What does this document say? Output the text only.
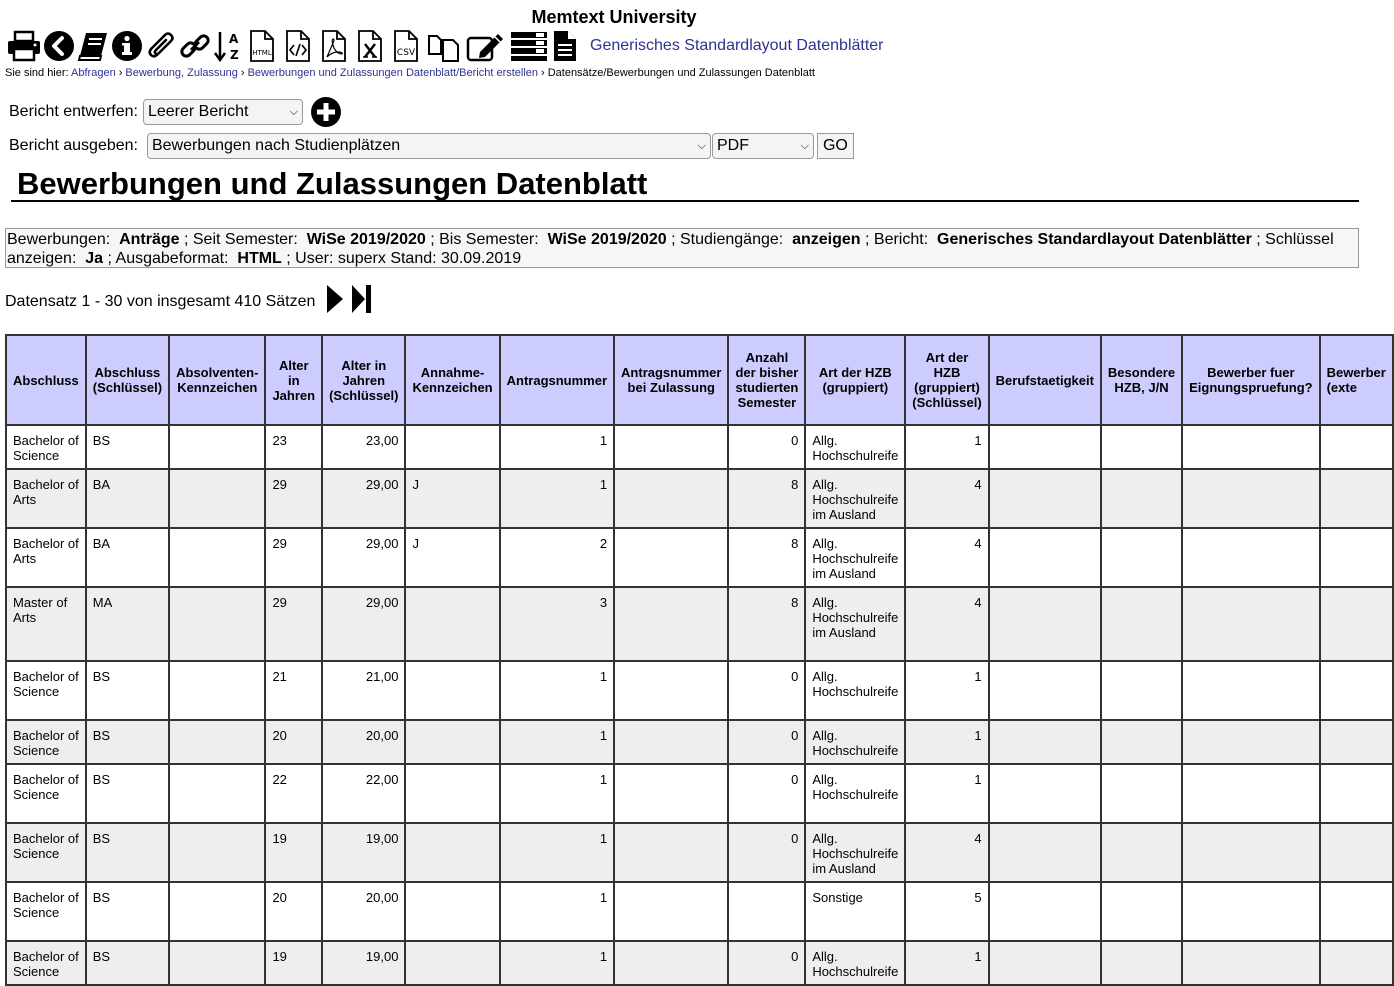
Memtext University
A
Z HTML	CSV	Generisches Standardlayout Datenblätter
Sie sind hier: Abfragen › Bewerbung, Zulassung › Bewerbungen und Zulassungen Datenblatt/Bericht erstellen › Datensätze/Bewerbungen und Zulassungen Datenblatt
Bericht entwerfen: Leerer Bericht	⌵
Bericht ausgeben: Bewerbungen nach Studienplätzen	⌵ PDF	⌵ GO
Bewerbungen und Zulassungen Datenblatt
Bewerbungen: Anträge ; Seit Semester: WiSe 2019/2020 ; Bis Semester: WiSe 2019/2020 ; Studiengänge: anzeigen ; Bericht: Generisches Standardlayout Datenblätter ; Schlüssel anzeigen: Ja ; Ausgabeformat: HTML ; User: superx Stand: 30.09.2019
Datensatz 1 - 30 von insgesamt 410 Sätzen
Abschluss	Abschluss (Schlüssel)	Absolventen-Kennzeichen	Alter in Jahren	Alter in Jahren (Schlüssel)	Annahme-Kennzeichen	Antragsnummer	Antragsnummer bei Zulassung	Anzahl der bisher studierten Semester	Art der HZB (gruppiert)	Art der HZB (gruppiert) (Schlüssel)	Berufstaetigkeit	Besondere HZB, J/N	Bewerber fuer Eignungspruefung?	Bewerber (exte
Bachelor of Science	BS		23	23,00		1		0	Allg. Hochschulreife	1				
Bachelor of Arts	BA		29	29,00	J	1		8	Allg. Hochschulreife im Ausland	4				
Bachelor of Arts	BA		29	29,00	J	2		8	Allg. Hochschulreife im Ausland	4				
Master of Arts	MA		29	29,00		3		8	Allg. Hochschulreife im Ausland	4				
Bachelor of Science	BS		21	21,00		1		0	Allg. Hochschulreife	1				
Bachelor of Science	BS		20	20,00		1		0	Allg. Hochschulreife	1				
Bachelor of Science	BS		22	22,00		1		0	Allg. Hochschulreife	1				
Bachelor of Science	BS		19	19,00		1		0	Allg. Hochschulreife im Ausland	4				
Bachelor of Science	BS		20	20,00		1			Sonstige	5				
Bachelor of Science	BS		19	19,00		1		0	Allg. Hochschulreife	1				
